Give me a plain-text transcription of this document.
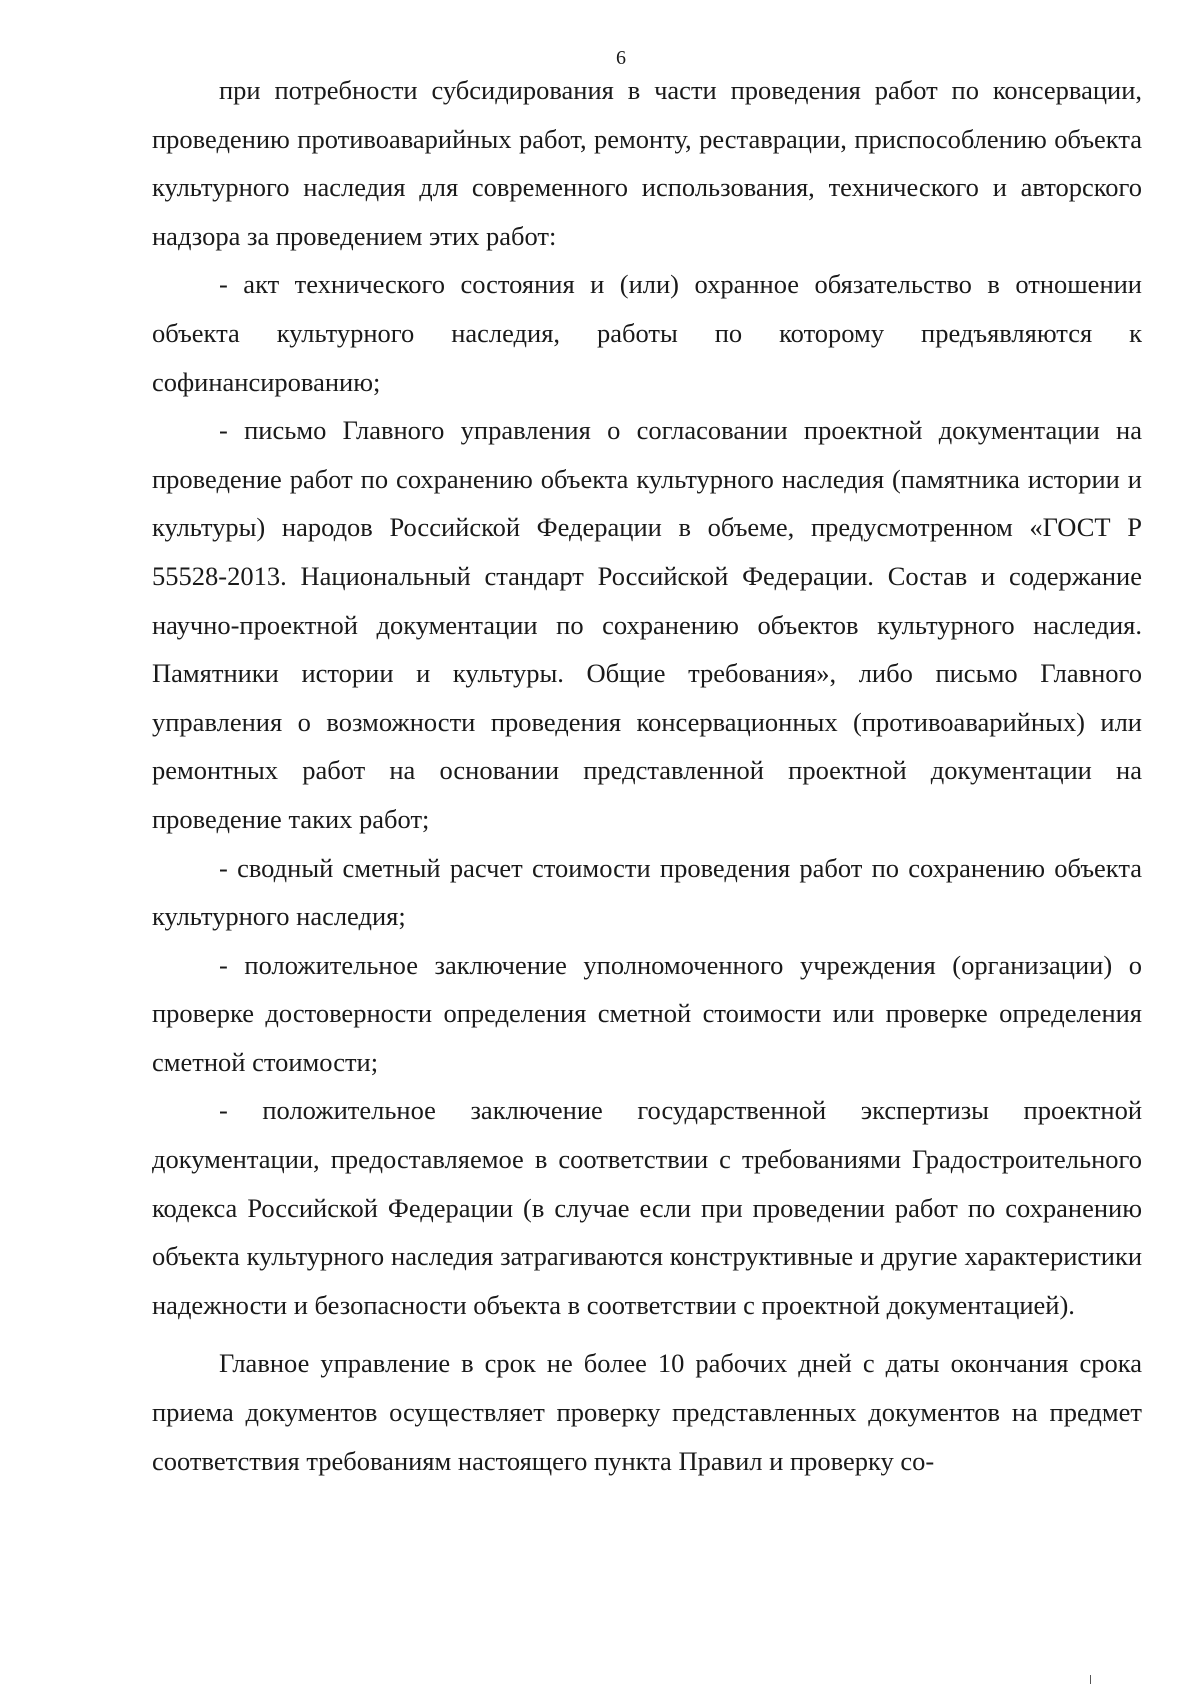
6

при потребности субсидирования в части проведения работ по консервации, проведению противоаварийных работ, ремонту, реставрации, приспособлению объекта культурного наследия для современного использования, технического и авторского надзора за проведением этих работ:

- акт технического состояния и (или) охранное обязательство в отношении объекта культурного наследия, работы по которому предъявляются к софинансированию;

- письмо Главного управления о согласовании проектной документации на проведение работ по сохранению объекта культурного наследия (памятника истории и культуры) народов Российской Федерации в объеме, предусмотренном «ГОСТ Р 55528-2013. Национальный стандарт Российской Федерации. Состав и содержание научно-проектной документации по сохранению объектов культурного наследия. Памятники истории и культуры. Общие требования», либо письмо Главного управления о возможности проведения консервационных (противоаварийных) или ремонтных работ на основании представленной проектной документации на проведение таких работ;

- сводный сметный расчет стоимости проведения работ по сохранению объекта культурного наследия;

- положительное заключение уполномоченного учреждения (организации) о проверке достоверности определения сметной стоимости или проверке определения сметной стоимости;

- положительное заключение государственной экспертизы проектной документации, предоставляемое в соответствии с требованиями Градостроительного кодекса Российской Федерации (в случае если при проведении работ по сохранению объекта культурного наследия затрагиваются конструктивные и другие характеристики надежности и безопасности объекта в соответствии с проектной документацией).

Главное управление в срок не более 10 рабочих дней с даты окончания срока приема документов осуществляет проверку представленных документов на предмет соответствия требованиям настоящего пункта Правил и проверку со-
